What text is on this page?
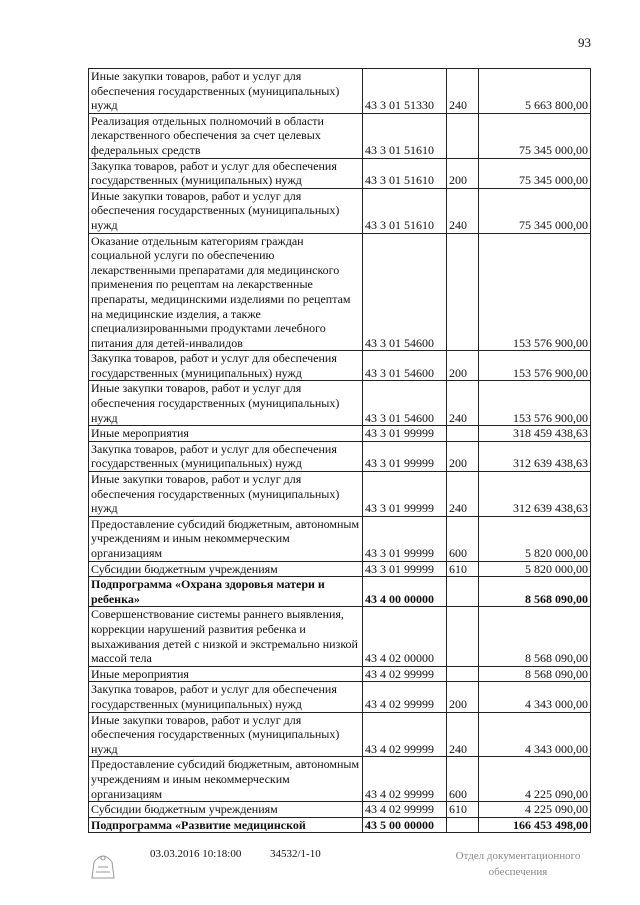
93
Иные закупки товаров, работ и услуг для обеспечения государственных (муниципальных) нужд	43 3 01 51330	240	5 663 800,00
Реализация отдельных полномочий в области лекарственного обеспечения за счет целевых федеральных средств	43 3 01 51610		75 345 000,00
Закупка товаров, работ и услуг для обеспечения государственных (муниципальных) нужд	43 3 01 51610	200	75 345 000,00
Иные закупки товаров, работ и услуг для обеспечения государственных (муниципальных) нужд	43 3 01 51610	240	75 345 000,00
Оказание отдельным категориям граждан социальной услуги по обеспечению лекарственными препаратами для медицинского применения по рецептам на лекарственные препараты, медицинскими изделиями по рецептам на медицинские изделия, а также специализированными продуктами лечебного питания для детей-инвалидов	43 3 01 54600		153 576 900,00
Закупка товаров, работ и услуг для обеспечения государственных (муниципальных) нужд	43 3 01 54600	200	153 576 900,00
Иные закупки товаров, работ и услуг для обеспечения государственных (муниципальных) нужд	43 3 01 54600	240	153 576 900,00
Иные мероприятия	43 3 01 99999		318 459 438,63
Закупка товаров, работ и услуг для обеспечения государственных (муниципальных) нужд	43 3 01 99999	200	312 639 438,63
Иные закупки товаров, работ и услуг для обеспечения государственных (муниципальных) нужд	43 3 01 99999	240	312 639 438,63
Предоставление субсидий бюджетным, автономным учреждениям и иным некоммерческим организациям	43 3 01 99999	600	5 820 000,00
Субсидии бюджетным учреждениям	43 3 01 99999	610	5 820 000,00
Подпрограмма «Охрана здоровья матери и ребенка»	43 4 00 00000		8 568 090,00
Совершенствование системы раннего выявления, коррекции нарушений развития ребенка и выхаживания детей с низкой и экстремально низкой массой тела	43 4 02 00000		8 568 090,00
Иные мероприятия	43 4 02 99999		8 568 090,00
Закупка товаров, работ и услуг для обеспечения государственных (муниципальных) нужд	43 4 02 99999	200	4 343 000,00
Иные закупки товаров, работ и услуг для обеспечения государственных (муниципальных) нужд	43 4 02 99999	240	4 343 000,00
Предоставление субсидий бюджетным, автономным учреждениям и иным некоммерческим организациям	43 4 02 99999	600	4 225 090,00
Субсидии бюджетным учреждениям	43 4 02 99999	610	4 225 090,00
Подпрограмма «Развитие медицинской	43 5 00 00000		166 453 498,00
03.03.2016 10:18:00	34532/1-10	Отдел документационного
обеспечения
